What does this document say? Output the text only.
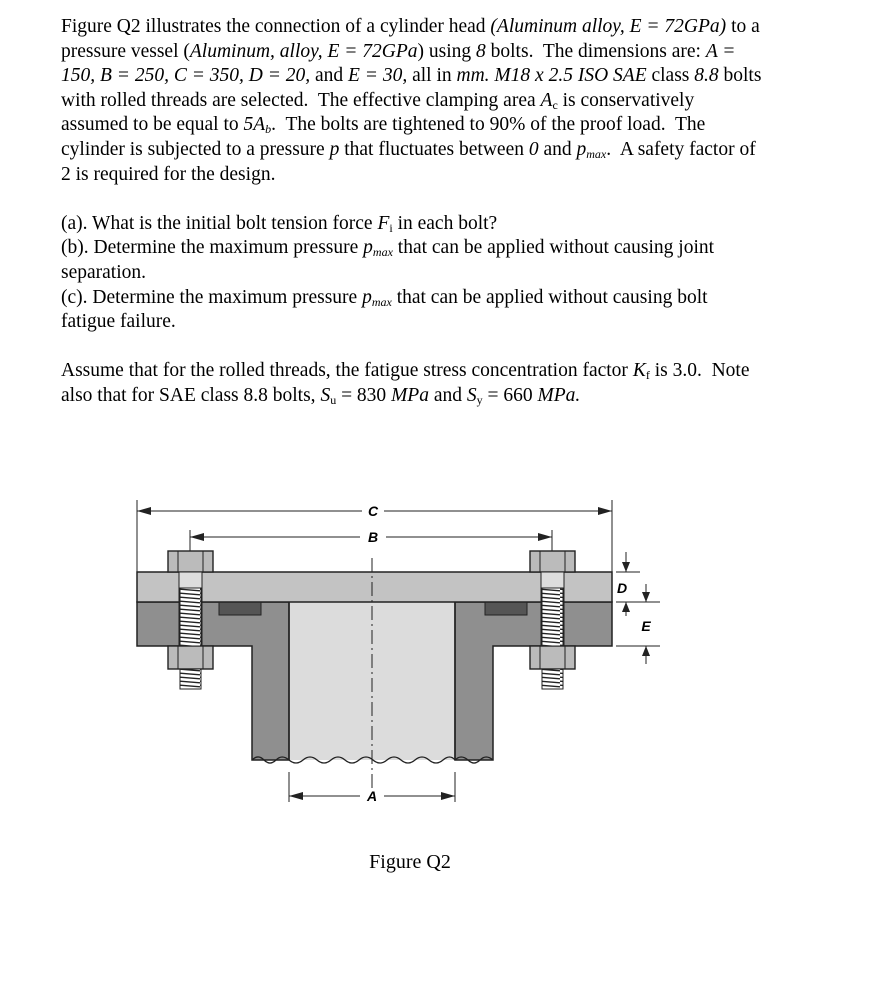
Figure Q2 illustrates the connection of a cylinder head (Aluminum alloy, E = 72GPa) to a
pressure vessel (Aluminum, alloy, E = 72GPa) using 8 bolts.  The dimensions are: A =
150, B = 250, C = 350, D = 20, and E = 30, all in mm. M18 x 2.5 ISO SAE class 8.8 bolts
with rolled threads are selected.  The effective clamping area $A_c$ is conservatively
assumed to be equal to $5A_b$.  The bolts are tightened to 90% of the proof load.  The
cylinder is subjected to a pressure p that fluctuates between 0 and $p_{max}$.  A safety factor of
2 is required for the design.
(a). What is the initial bolt tension force $F_i$ in each bolt?
(b). Determine the maximum pressure $p_{max}$ that can be applied without causing joint
separation.
(c). Determine the maximum pressure $p_{max}$ that can be applied without causing bolt
fatigue failure.
Assume that for the rolled threads, the fatigue stress concentration factor $K_f$ is 3.0.  Note
also that for SAE class 8.8 bolts, $S_u = 830$ MPa and $S_y = 660$ MPa.
C
B
A
D
E
Figure Q2
